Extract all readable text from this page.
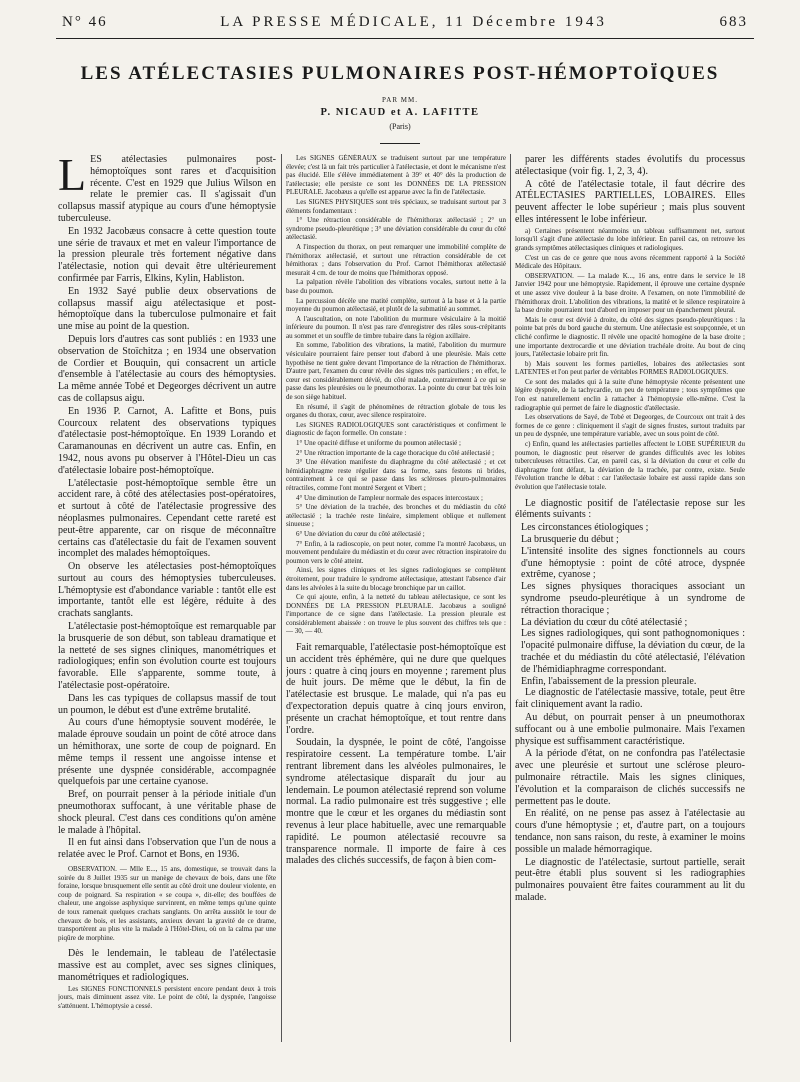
N° 46	LA PRESSE MÉDICALE, 11 Décembre 1943	683
LES ATÉLECTASIES PULMONAIRES POST-HÉMOPTOÏQUES
PAR MM.
P. NICAUD et A. LAFITTE
(Paris)

LES atélectasies pulmonaires post-hémoptoïques sont rares et d'acquisition récente. C'est en 1929 que Julius Wilson en relate le premier cas. Il s'agissait d'un collapsus massif atypique au cours d'une hémoptysie tuberculeuse.

En 1932 Jacobæus consacre à cette question toute une série de travaux et met en valeur l'importance de la pression pleurale très fortement négative dans l'atélectasie, notion qui devait être ultérieurement confirmée par Farris, Elkins, Kylin, Habliston.

En 1932 Sayé publie deux observations de collapsus massif aigu atélectasique et post-hémoptoïque dans la tuberculose pulmonaire et fait une mise au point de la question.

Depuis lors d'autres cas sont publiés : en 1933 une observation de Stoïchitza ; en 1934 une observation de Cordier et Bouquin, qui consacrent un article d'ensemble à l'atélectasie au cours des hémoptysies. La même année Tobé et Degeorges décrivent un autre cas de collapsus aigu.

En 1936 P. Carnot, A. Lafitte et Bons, puis Courcoux relatent des observations typiques d'atélectasie post-hémoptoïque. En 1939 Lorando et Caramanounas en décrivent un autre cas. Enfin, en 1942, nous avons pu observer à l'Hôtel-Dieu un cas d'atélectasie lobaire post-hémoptoïque.

L'atélectasie post-hémoptoïque semble être un accident rare, à côté des atélectasies post-opératoires, et surtout à côté de l'atélectasie progressive des néoplasmes pulmonaires. Cependant cette rareté est peut-être apparente, car on risque de méconnaître certains cas d'atélectasie du fait de l'examen souvent incomplet des malades hémoptoïques.

On observe les atélectasies post-hémoptoïques surtout au cours des hémoptysies tuberculeuses. L'hémoptysie est d'abondance variable : tantôt elle est importante, tantôt elle est légère, réduite à des crachats sanglants.

L'atélectasie post-hémoptoïque est remarquable par la brusquerie de son début, son tableau dramatique et la netteté de ses signes cliniques, manométriques et radiologiques; enfin son évolution courte est toujours favorable. Elle s'apparente, somme toute, à l'atélectasie post-opératoire.

Dans les cas typiques de collapsus massif de tout un poumon, le début est d'une extrême brutalité.

Au cours d'une hémoptysie souvent modérée, le malade éprouve soudain un point de côté atroce dans un hémithorax, une sorte de coup de poignard. En même temps il ressent une angoisse intense et présente une dyspnée considérable, accompagnée quelquefois par une certaine cyanose.

Bref, on pourrait penser à la période initiale d'un pneumothorax suffocant, à une véritable phase de shock pleural. C'est dans ces conditions qu'on amène le malade à l'hôpital.

Il en fut ainsi dans l'observation que l'un de nous a relatée avec le Prof. Carnot et Bons, en 1936.

OBSERVATION. — Mlle E..., 15 ans, domestique, se trouvait dans la soirée du 8 Juillet 1935 sur un manège de chevaux de bois, dans une fête foraine, lorsque brusquement elle sentit au côté droit une douleur violente, en coup de poignard. Sa respiration « se coupa », dit-elle; des bouffées de chaleur, une angoisse asphyxique survinrent, en même temps qu'une quinte de toux ramenait quelques crachats sanglants. On arrêta aussitôt le tour de chevaux de bois, et les assistants, anxieux devant la gravité de ce drame, transportèrent au plus vite la malade à l'Hôtel-Dieu, où on la calma par une piqûre de morphine.

Dès le lendemain, le tableau de l'atélectasie massive est au complet, avec ses signes cliniques, manométriques et radiologiques.

Les SIGNES FONCTIONNELS persistent encore pendant deux à trois jours, mais diminuent assez vite. Le point de côté, la dyspnée, l'angoisse s'atténuent. L'hémoptysie a cessé.

Les SIGNES GÉNÉRAUX se traduisent surtout par une température élevée; c'est là un fait très particulier à l'atélectasie, et dont le mécanisme n'est pas élucidé. Elle s'élève immédiatement à 39° et 40° dès la production de l'atélectasie; elle persiste ce sont les DONNÉES DE LA PRESSION PLEURALE. Jacobæus a qu'elle est apparue avec la fin de l'atélectasie.

Les SIGNES PHYSIQUES sont très spéciaux, se traduisant surtout par 3 éléments fondamentaux :

1° Une rétraction considérable de l'hémithorax atélectasié ; 2° un syndrome pseudo-pleurétique ; 3° une déviation considérable du cœur du côté atélectasié.

A l'inspection du thorax, on peut remarquer une immobilité complète de l'hémithorax atélectasié, et surtout une rétraction considérable de cet hémithorax ; dans l'observation du Prof. Carnot l'hémithorax atélectasié mesurait 4 cm. de tour de moins que l'hémithorax opposé.

La palpation révèle l'abolition des vibrations vocales, surtout nette à la base du poumon.

La percussion décèle une matité complète, surtout à la base et à la partie moyenne du poumon atélectasié, et plutôt de la submatité au sommet.

A l'auscultation, on note l'abolition du murmure vésiculaire à la moitié inférieure du poumon. Il n'est pas rare d'enregistrer des râles sous-crépitants au sommet et un souffle de timbre tubaire dans la région axillaire.

En somme, l'abolition des vibrations, la matité, l'abolition du murmure vésiculaire pourraient faire penser tout d'abord à une pleurésie. Mais cette hypothèse ne tient guère devant l'importance de la rétraction de l'hémithorax. D'autre part, l'examen du cœur révèle des signes très particuliers ; en effet, le cœur est considérablement dévié, du côté malade, contrairement à ce qui se passe dans les pleurésies ou le pneumothorax. La pointe du cœur bat très loin de son siège habituel.

En résumé, il s'agit de phénomènes de rétraction globale de tous les organes du thorax, cœur, avec silence respiratoire.

Les SIGNES RADIOLOGIQUES sont caractéristiques et confirment le diagnostic de façon formelle. On constate :

1° Une opacité diffuse et uniforme du poumon atélectasié ;

2° Une rétraction importante de la cage thoracique du côté atélectasié ;

3° Une élévation manifeste du diaphragme du côté atélectasié ; et cet hémidiaphragme reste régulier dans sa forme, sans festons ni brides, contrairement à ce qui se passe dans les scléroses pleuro-pulmonaires rétractiles, comme l'ont montré Sergent et Vibert ;

4° Une diminution de l'ampleur normale des espaces intercostaux ;

5° Une déviation de la trachée, des bronches et du médiastin du côté atélectasié ; la trachée reste linéaire, simplement oblique et nullement sinueuse ;

6° Une déviation du cœur du côté atélectasié ;

7° Enfin, à la radioscopie, on peut noter, comme l'a montré Jacobæus, un mouvement pendulaire du médiastin et du cœur avec rétraction inspiratoire du poumon vers le côté atteint.

Ainsi, les signes cliniques et les signes radiologiques se complètent étroitement, pour traduire le syndrome atélectasique, attestant l'absence d'air dans les alvéoles à la suite du blocage bronchique par un caillot.

Ce qui ajoute, enfin, à la netteté du tableau atélectasique, ce sont les DONNÉES DE LA PRESSION PLEURALE. Jacobæus a souligné l'importance de ce signe dans l'atélectasie. La pression pleurale est considérablement abaissée : on trouve le plus souvent des chiffres tels que : — 30, — 40.

Fait remarquable, l'atélectasie post-hémoptoïque est un accident très éphémère, qui ne dure que quelques jours : quatre à cinq jours en moyenne ; rarement plus de huit jours. De même que le début, la fin de l'atélectasie est brusque. Le malade, qui n'a pas eu d'expectoration depuis quatre à cinq jours environ, présente un crachat hémoptoïque, et tout rentre dans l'ordre.

Soudain, la dyspnée, le point de côté, l'angoisse respiratoire cessent. La température tombe. L'air rentrant librement dans les alvéoles pulmonaires, le syndrome atélectasique disparaît du jour au lendemain. Le poumon atélectasié reprend son volume normal. La radio pulmonaire est très suggestive ; elle montre que le cœur et les organes du médiastin sont revenus à leur place habituelle, avec une remarquable rapidité. Le poumon atélectasié recouvre sa transparence normale. Il importe de faire à ces malades des clichés successifs, de façon à bien com-

parer les différents stades évolutifs du processus atélectasique (voir fig. 1, 2, 3, 4).

A côté de l'atélectasie totale, il faut décrire des ATÉLECTASIES PARTIELLES, LOBAIRES. Elles peuvent affecter le lobe supérieur ; mais plus souvent elles intéressent le lobe inférieur.

a) Certaines présentent néanmoins un tableau suffisamment net, surtout lorsqu'il s'agit d'une atélectasie du lobe inférieur. En pareil cas, on retrouve les grands symptômes atélectasiques cliniques et radiologiques.

C'est un cas de ce genre que nous avons récemment rapporté à la Société Médicale des Hôpitaux.

OBSERVATION. — La malade K..., 16 ans, entre dans le service le 18 Janvier 1942 pour une hémoptysie. Rapidement, il éprouve une certaine dyspnée et une assez vive douleur à la base droite. A l'examen, on note l'immobilité de l'hémithorax droit. L'abolition des vibrations, la matité et le silence respiratoire à la base droite pourraient tout d'abord en imposer pour un épanchement pleural.

Mais le cœur est dévié à droite, du côté des signes pseudo-pleurétiques : la pointe bat près du bord gauche du sternum. Une atélectasie est soupçonnée, et un cliché confirme le diagnostic. Il révèle une opacité homogène de la base droite ; une importante dextrocardie et une déviation trachéale droite. Au bout de cinq jours, l'atélectasie lobaire prit fin.

b) Mais souvent les formes partielles, lobaires des atélectasies sont LATENTES et l'on peut parler de véritables FORMES RADIOLOGIQUES.

Ce sont des malades qui à la suite d'une hémoptysie récente présentent une légère dyspnée, de la tachycardie, un peu de température ; tous symptômes que l'on est naturellement enclin à rattacher à l'hémoptysie elle-même. C'est la radiographie qui permet de faire le diagnostic d'atélectasie.

Les observations de Sayé, de Tobé et Degeorges, de Courcoux ont trait à des formes de ce genre : cliniquement il s'agit de signes frustes, surtout traduits par un peu de dyspnée, une température variable, avec un sous point de côté.

c) Enfin, quand les atélectasies partielles affectent le LOBE SUPÉRIEUR du poumon, le diagnostic peut réserver de grandes difficultés avec les lobites tuberculeuses rétractiles. Car, en pareil cas, si la déviation du cœur et celle du diaphragme font défaut, la déviation de la trachée, par contre, existe. Seule l'évolution tranche le débat : car l'atélectasie lobaire est aussi rapide dans son évolution que l'atélectasie totale.

Le diagnostic positif de l'atélectasie repose sur les éléments suivants :

Les circonstances étiologiques ;
La brusquerie du début ;
L'intensité insolite des signes fonctionnels au cours d'une hémoptysie : point de côté atroce, dyspnée extrême, cyanose ;
Les signes physiques thoraciques associant un syndrome pseudo-pleurétique à un syndrome de rétraction thoracique ;
La déviation du cœur du côté atélectasié ;
Les signes radiologiques, qui sont pathognomoniques : l'opacité pulmonaire diffuse, la déviation du cœur, de la trachée et du médiastin du côté atélectasié, l'élévation de l'hémidiaphragme correspondant.
Enfin, l'abaissement de la pression pleurale.

Le diagnostic de l'atélectasie massive, totale, peut être fait cliniquement avant la radio.

Au début, on pourrait penser à un pneumothorax suffocant ou à une embolie pulmonaire. Mais l'examen physique est suffisamment caractéristique.

A la période d'état, on ne confondra pas l'atélectasie avec une pleurésie et surtout une sclérose pleuro-pulmonaire rétractile. Mais les signes cliniques, l'évolution et la comparaison de clichés successifs ne permettent pas le doute.

En réalité, on ne pense pas assez à l'atélectasie au cours d'une hémoptysie ; et, d'autre part, on a toujours tendance, non sans raison, du reste, à examiner le moins possible un malade hémorragique.

Le diagnostic de l'atélectasie, surtout partielle, serait peut-être établi plus souvent si les radiographies pulmonaires pouvaient être faites couramment au lit du malade.
